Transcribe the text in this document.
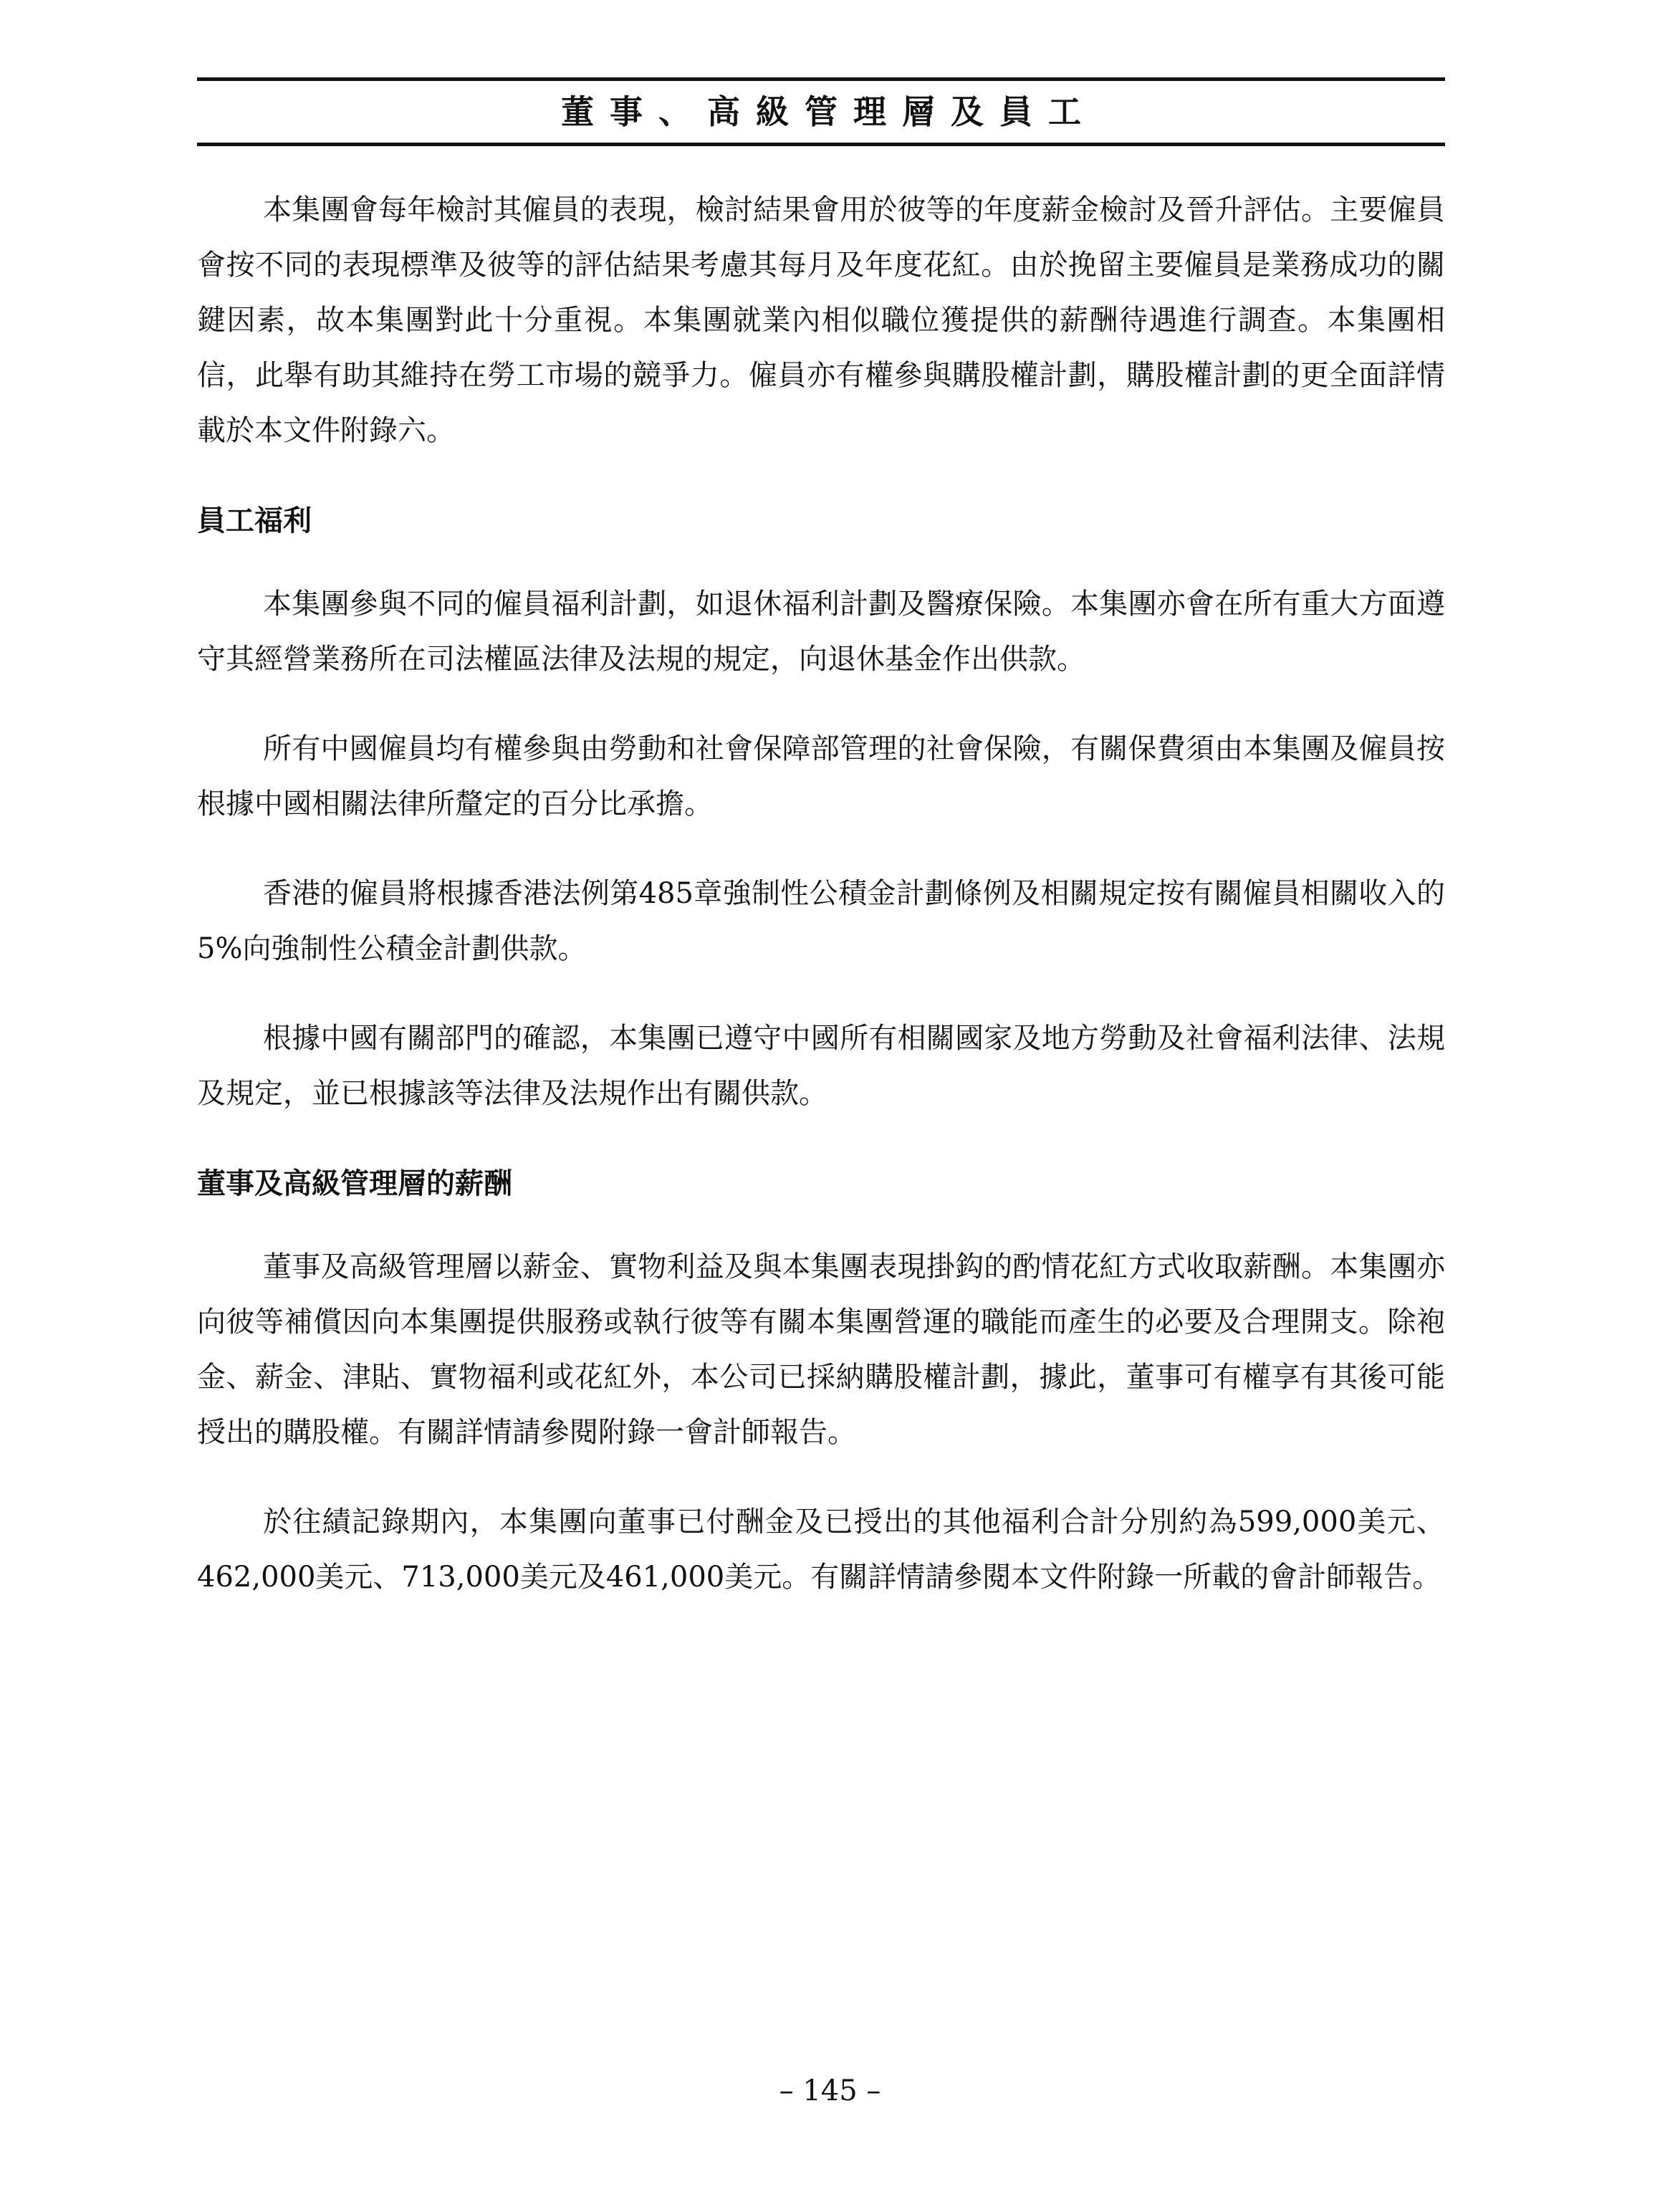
董事、高級管理層及員工

本集團會每年檢討其僱員的表現，檢討結果會用於彼等的年度薪金檢討及晉升評估。主要僱員會按不同的表現標準及彼等的評估結果考慮其每月及年度花紅。由於挽留主要僱員是業務成功的關鍵因素，故本集團對此十分重視。本集團就業內相似職位獲提供的薪酬待遇進行調查。本集團相信，此舉有助其維持在勞工市場的競爭力。僱員亦有權參與購股權計劃，購股權計劃的更全面詳情載於本文件附錄六。

員工福利

本集團參與不同的僱員福利計劃，如退休福利計劃及醫療保險。本集團亦會在所有重大方面遵守其經營業務所在司法權區法律及法規的規定，向退休基金作出供款。

所有中國僱員均有權參與由勞動和社會保障部管理的社會保險，有關保費須由本集團及僱員按根據中國相關法律所釐定的百分比承擔。

香港的僱員將根據香港法例第485章強制性公積金計劃條例及相關規定按有關僱員相關收入的5%向強制性公積金計劃供款。

根據中國有關部門的確認，本集團已遵守中國所有相關國家及地方勞動及社會福利法律、法規及規定，並已根據該等法律及法規作出有關供款。

董事及高級管理層的薪酬

董事及高級管理層以薪金、實物利益及與本集團表現掛鈎的酌情花紅方式收取薪酬。本集團亦向彼等補償因向本集團提供服務或執行彼等有關本集團營運的職能而產生的必要及合理開支。除袍金、薪金、津貼、實物福利或花紅外，本公司已採納購股權計劃，據此，董事可有權享有其後可能授出的購股權。有關詳情請參閱附錄一會計師報告。

於往績記錄期內，本集團向董事已付酬金及已授出的其他福利合計分別約為599,000美元、462,000美元、713,000美元及461,000美元。有關詳情請參閱本文件附錄一所載的會計師報告。

– 145 –
